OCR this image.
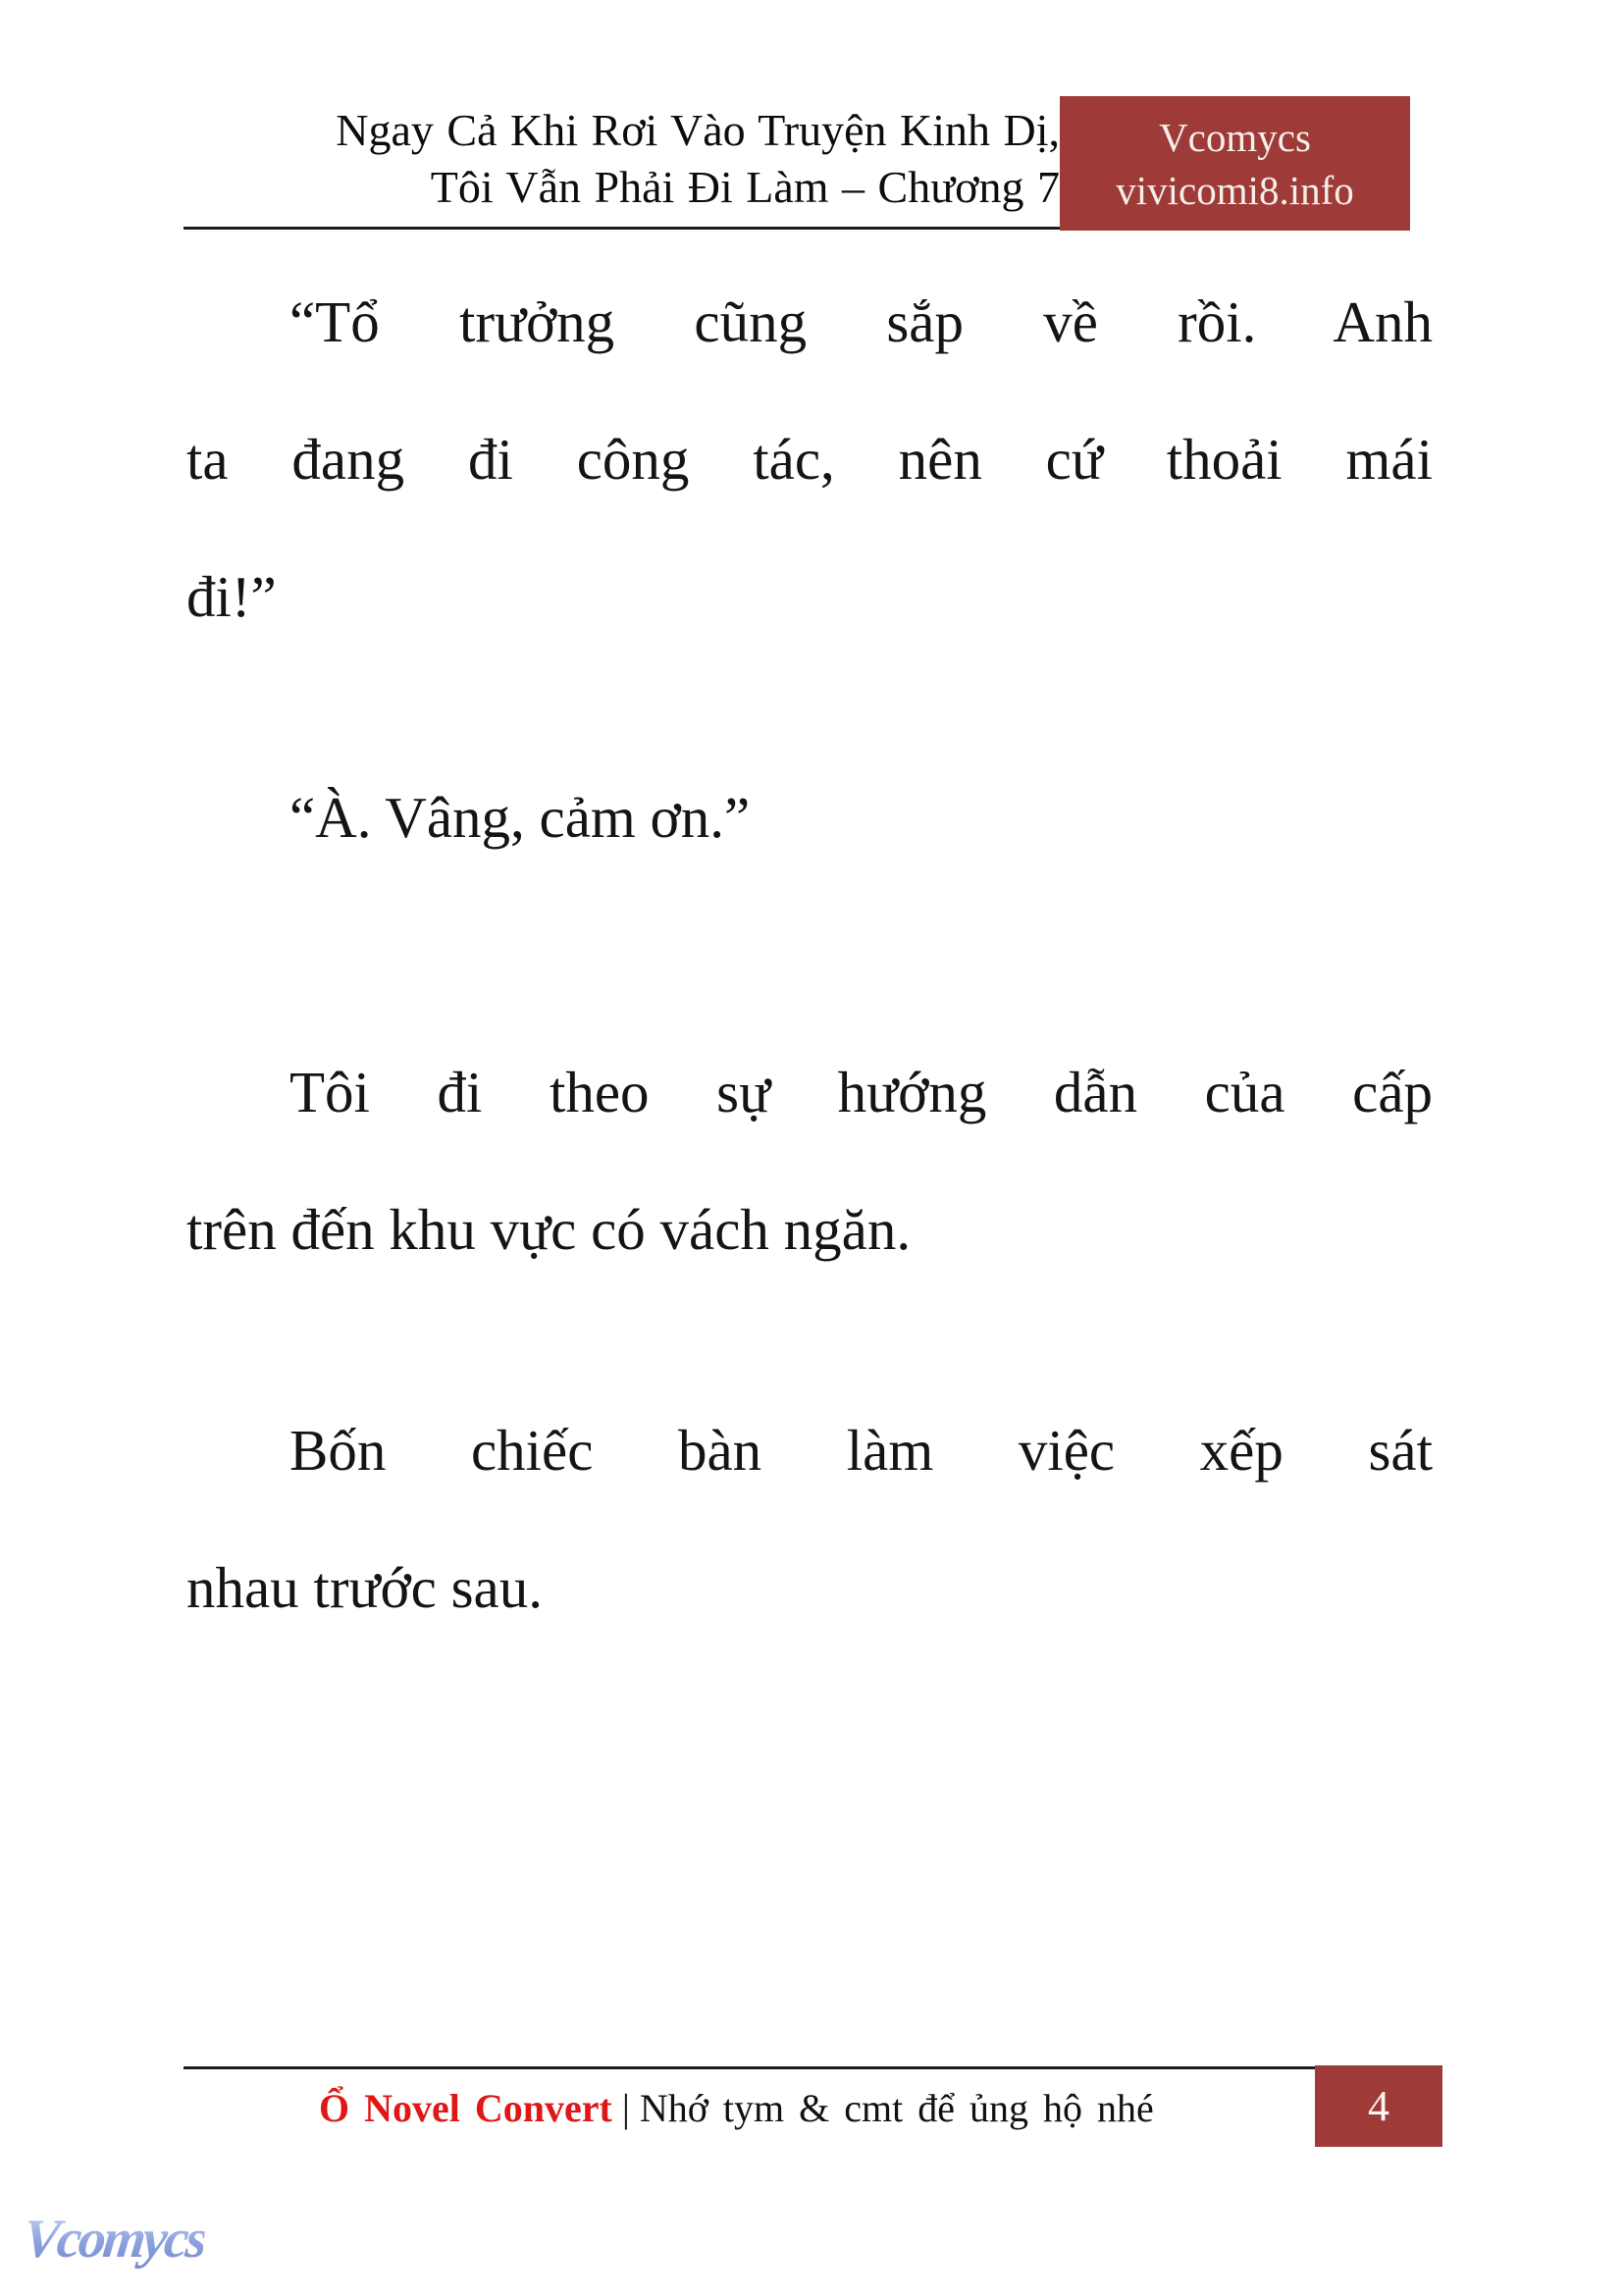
Ngay Cả Khi Rơi Vào Truyện Kinh Dị,
Tôi Vẫn Phải Đi Làm – Chương 7
Vcomycs
vivicomi8.info
“Tổ trưởng cũng sắp về rồi. Anh
ta đang đi công tác, nên cứ thoải mái
đi!”
“À. Vâng, cảm ơn.”
Tôi đi theo sự hướng dẫn của cấp
trên đến khu vực có vách ngăn.
Bốn chiếc bàn làm việc xếp sát
nhau trước sau.
Ổ Novel Convert | Nhớ tym & cmt để ủng hộ nhé	4
Vcomycs
